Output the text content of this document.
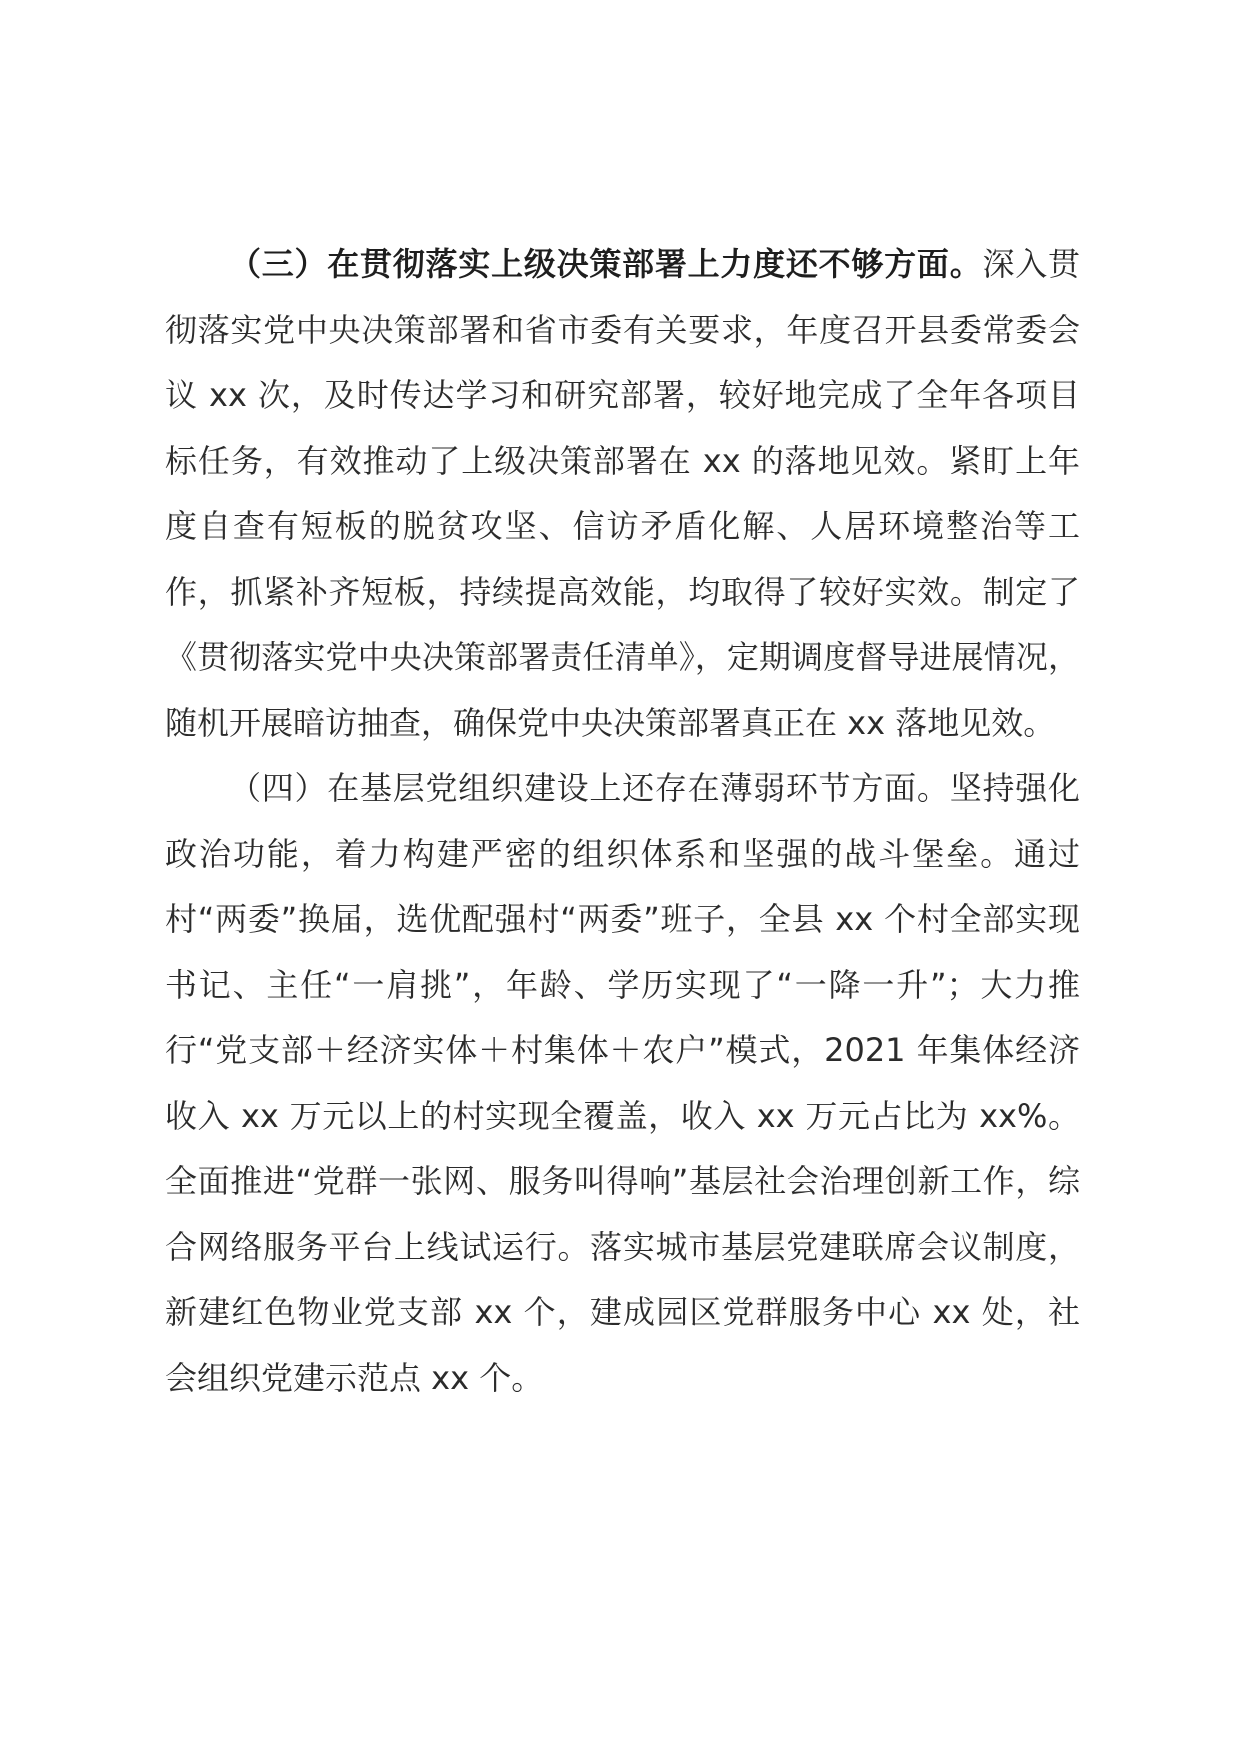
（三）在贯彻落实上级决策部署上力度还不够方面。深入贯彻落实党中央决策部署和省市委有关要求，年度召开县委常委会议 xx 次，及时传达学习和研究部署，较好地完成了全年各项目标任务，有效推动了上级决策部署在 xx 的落地见效。紧盯上年度自查有短板的脱贫攻坚、信访矛盾化解、人居环境整治等工作，抓紧补齐短板，持续提高效能，均取得了较好实效。制定了《贯彻落实党中央决策部署责任清单》，定期调度督导进展情况，随机开展暗访抽查，确保党中央决策部署真正在 xx 落地见效。

（四）在基层党组织建设上还存在薄弱环节方面。坚持强化政治功能，着力构建严密的组织体系和坚强的战斗堡垒。通过村“两委”换届，选优配强村“两委”班子，全县 xx 个村全部实现书记、主任“一肩挑”，年龄、学历实现了“一降一升”；大力推行“党支部＋经济实体＋村集体＋农户”模式，2021 年集体经济收入 xx 万元以上的村实现全覆盖，收入 xx 万元占比为 xx%。全面推进“党群一张网、服务叫得响”基层社会治理创新工作，综合网络服务平台上线试运行。落实城市基层党建联席会议制度，新建红色物业党支部 xx 个，建成园区党群服务中心 xx 处，社会组织党建示范点 xx 个。
